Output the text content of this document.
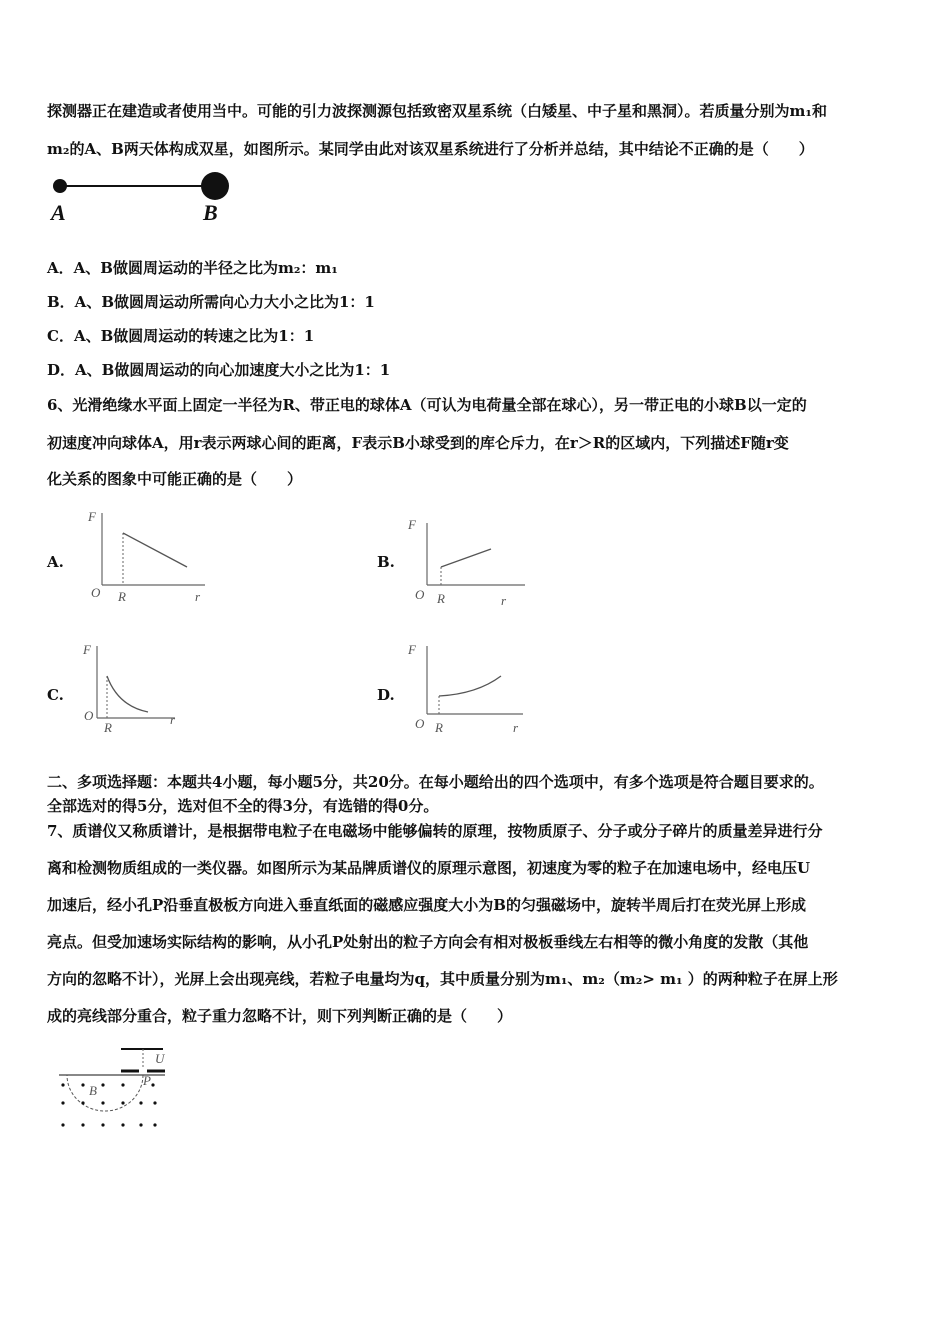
探测器正在建造或者使用当中。可能的引力波探测源包括致密双星系统（白矮星、中子星和黑洞）。若质量分别为m₁和
m₂的A、B两天体构成双星，如图所示。某同学由此对该双星系统进行了分析并总结，其中结论不正确的是（　　）
A	B
A．A、B做圆周运动的半径之比为m₂：m₁
B．A、B做圆周运动所需向心力大小之比为1：1
C．A、B做圆周运动的转速之比为1：1
D．A、B做圆周运动的向心加速度大小之比为1：1
6、光滑绝缘水平面上固定一半径为R、带正电的球体A（可认为电荷量全部在球心），另一带正电的小球B以一定的
初速度冲向球体A，用r表示两球心间的距离，F表示B小球受到的库仑斥力，在r＞R的区域内，下列描述F随r变
化关系的图象中可能正确的是（　　）
A.
F
O R	r
B.
F
O R	r
C.
F
O
R
r
D.
F
O R	r
二、多项选择题：本题共4小题，每小题5分，共20分。在每小题给出的四个选项中，有多个选项是符合题目要求的。
全部选对的得5分，选对但不全的得3分，有选错的得0分。
7、质谱仪又称质谱计，是根据带电粒子在电磁场中能够偏转的原理，按物质原子、分子或分子碎片的质量差异进行分
离和检测物质组成的一类仪器。如图所示为某品牌质谱仪的原理示意图，初速度为零的粒子在加速电场中，经电压U
加速后，经小孔P沿垂直极板方向进入垂直纸面的磁感应强度大小为B的匀强磁场中，旋转半周后打在荧光屏上形成
亮点。但受加速场实际结构的影响，从小孔P处射出的粒子方向会有相对极板垂线左右相等的微小角度的发散（其他
方向的忽略不计），光屏上会出现亮线，若粒子电量均为q，其中质量分别为m₁、m₂（m₂> m₁ ）的两种粒子在屏上形
成的亮线部分重合，粒子重力忽略不计，则下列判断正确的是（　　）
U
P
B
